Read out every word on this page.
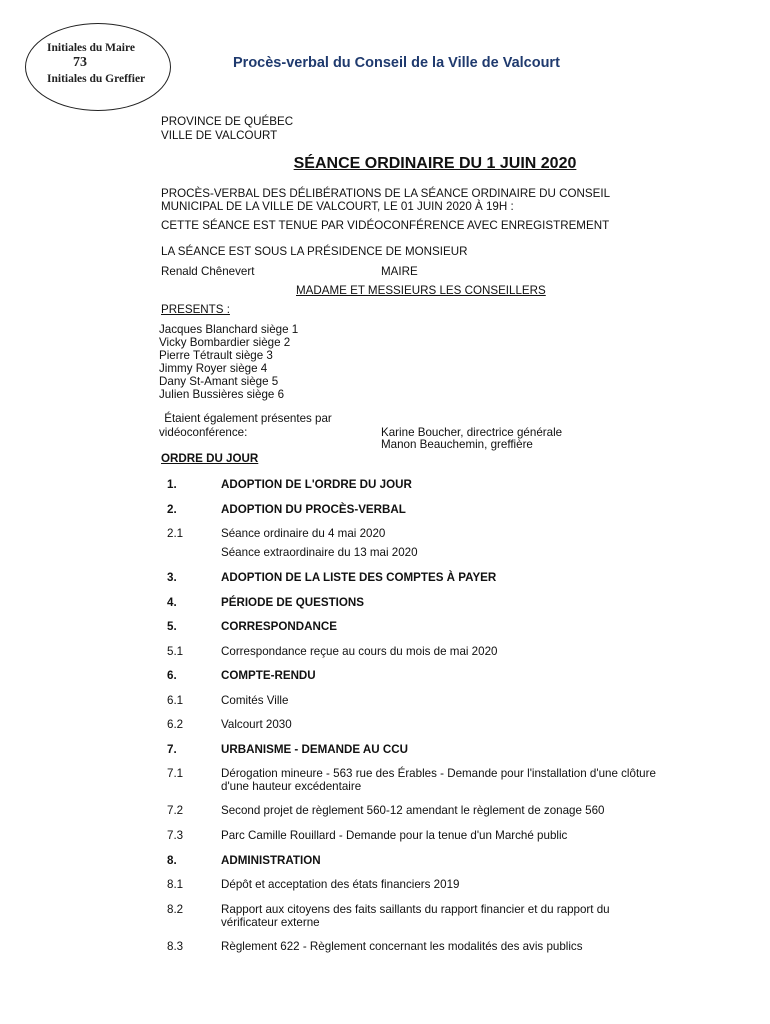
Initiales du Maire
73
Initiales du Greffier
Procès-verbal du Conseil de la Ville de Valcourt
PROVINCE DE QUÉBEC
VILLE DE VALCOURT
SÉANCE ORDINAIRE DU 1 JUIN 2020
PROCÈS-VERBAL DES DÉLIBÉRATIONS DE LA SÉANCE ORDINAIRE DU CONSEIL
MUNICIPAL DE LA VILLE DE VALCOURT, LE 01 JUIN 2020 À 19H :
CETTE SÉANCE EST TENUE PAR VIDÉOCONFÉRENCE AVEC ENREGISTREMENT
LA SÉANCE EST SOUS LA PRÉSIDENCE DE MONSIEUR
Renald Chênevert	MAIRE
MADAME ET MESSIEURS LES CONSEILLERS
PRESENTS :
Jacques Blanchard siège 1
Vicky Bombardier siège 2
Pierre Tétrault siège 3
Jimmy Royer siège 4
Dany St-Amant siège 5
Julien Bussières siège 6
Étaient également présentes par
vidéoconférence:	Karine Boucher, directrice générale
Manon Beauchemin, greffière
ORDRE DU JOUR
1.	ADOPTION DE L'ORDRE DU JOUR
2.	ADOPTION DU PROCÈS-VERBAL
2.1	Séance ordinaire du 4 mai 2020
Séance extraordinaire du 13 mai 2020
3.	ADOPTION DE LA LISTE DES COMPTES À PAYER
4.	PÉRIODE DE QUESTIONS
5.	CORRESPONDANCE
5.1	Correspondance reçue au cours du mois de mai 2020
6.	COMPTE-RENDU
6.1	Comités Ville
6.2	Valcourt 2030
7.	URBANISME - DEMANDE AU CCU
7.1	Dérogation mineure - 563 rue des Érables - Demande pour l'installation d'une clôture
d'une hauteur excédentaire
7.2	Second projet de règlement 560-12 amendant le règlement de zonage 560
7.3	Parc Camille Rouillard - Demande pour la tenue d'un Marché public
8.	ADMINISTRATION
8.1	Dépôt et acceptation des états financiers 2019
8.2	Rapport aux citoyens des faits saillants du rapport financier et du rapport du
vérificateur externe
8.3	Règlement 622 - Règlement concernant les modalités des avis publics
